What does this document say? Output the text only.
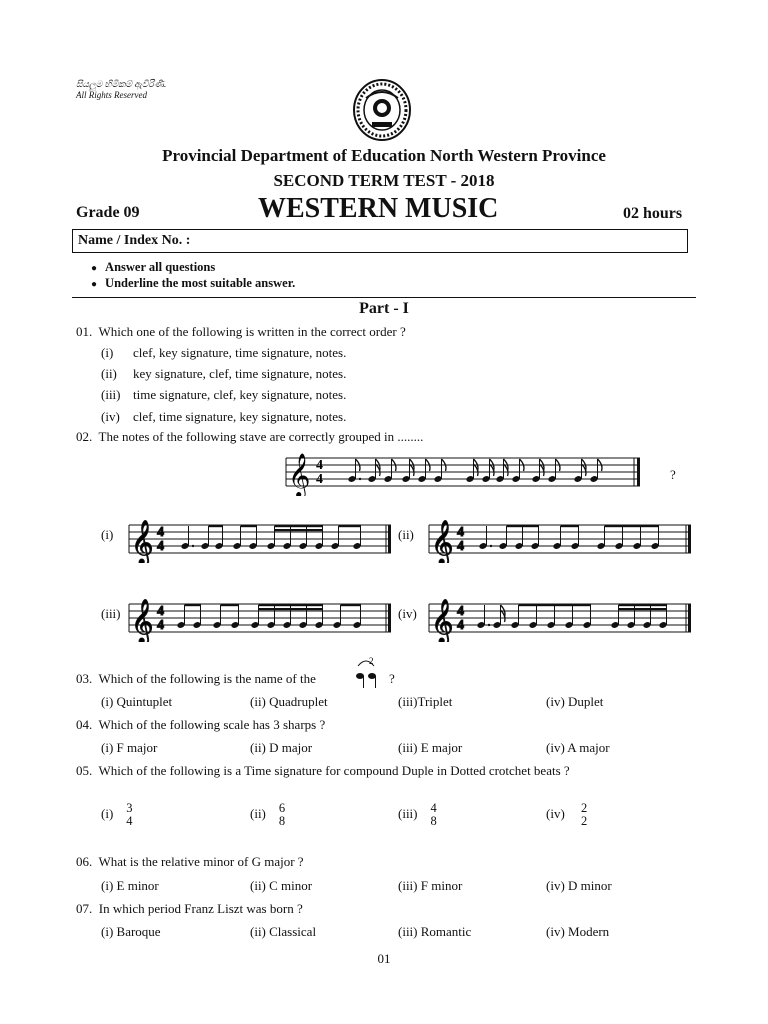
සියලුම හිමිකම් ඇවිරිණි.
All Rights Reserved
Provincial Department of Education North Western Province
SECOND TERM TEST - 2018
Grade 09	WESTERN MUSIC	02 hours
Name / Index No. :
● Answer all questions
● Underline the most suitable answer.
Part - I
01. Which one of the following is written in the correct order ?
(i) clef, key signature, time signature, notes.
(ii) key signature, clef, time signature, notes.
(iii) time signature, clef, key signature, notes.
(iv) clef, time signature, key signature, notes.
02. The notes of the following stave are correctly grouped in ........
𝄞 4
4	?
(i) 𝄞 4
4
(ii) 𝄞 4
4
(iii) 𝄞 4
4
(iv) 𝄞 4
4
03. Which of the following is the name of the
2
?
(i) Quintuplet	(ii) Quadruplet	(iii)Triplet	(iv) Duplet
04. Which of the following scale has 3 sharps ?
(i) F major	(ii) D major	(iii) E major	(iv) A major
05. Which of the following is a Time signature for compound Duple in Dotted crotchet beats ?
(i) 3
4
(ii) 6
8
(iii) 4
8
(iv) 2
2
06. What is the relative minor of G major ?
(i) E minor	(ii) C minor	(iii) F minor	(iv) D minor
07. In which period Franz Liszt was born ?
(i) Baroque	(ii) Classical	(iii) Romantic	(iv) Modern
01
